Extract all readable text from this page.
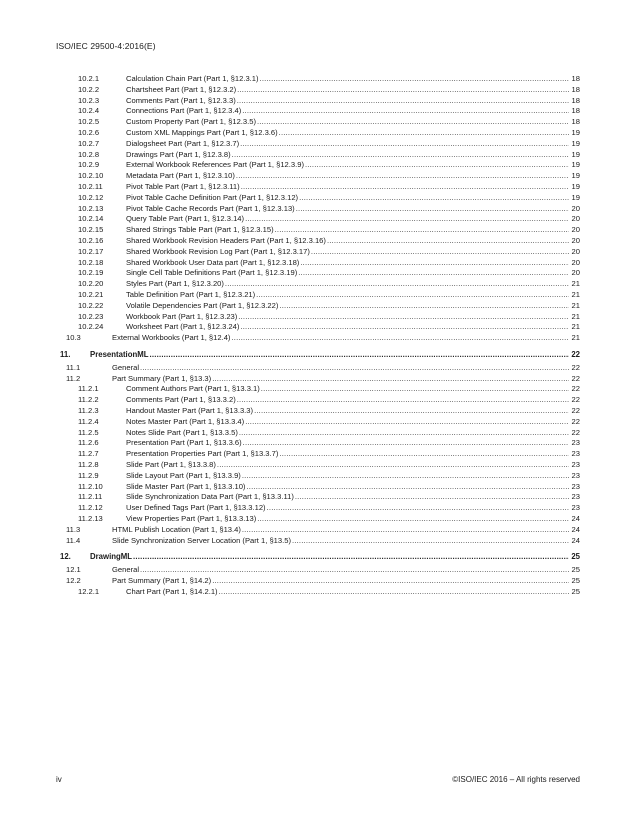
ISO/IEC 29500-4:2016(E)
10.2.1	Calculation Chain Part (Part 1, §12.3.1) .....	18
10.2.2	Chartsheet Part (Part 1, §12.3.2) .....	18
10.2.3	Comments Part (Part 1, §12.3.3) .....	18
10.2.4	Connections Part (Part 1, §12.3.4) .....	18
10.2.5	Custom Property Part (Part 1, §12.3.5) .....	18
10.2.6	Custom XML Mappings Part (Part 1, §12.3.6) .....	19
10.2.7	Dialogsheet Part (Part 1, §12.3.7) .....	19
10.2.8	Drawings Part (Part 1, §12.3.8) .....	19
10.2.9	External Workbook References Part (Part 1, §12.3.9) .....	19
10.2.10	Metadata Part (Part 1, §12.3.10) .....	19
10.2.11	Pivot Table Part (Part 1, §12.3.11) .....	19
10.2.12	Pivot Table Cache Definition Part (Part 1, §12.3.12) .....	19
10.2.13	Pivot Table Cache Records Part (Part 1, §12.3.13) .....	20
10.2.14	Query Table Part (Part 1, §12.3.14) .....	20
10.2.15	Shared Strings Table Part (Part 1, §12.3.15) .....	20
10.2.16	Shared Workbook Revision Headers Part (Part 1, §12.3.16) .....	20
10.2.17	Shared Workbook Revision Log Part (Part 1, §12.3.17) .....	20
10.2.18	Shared Workbook User Data part (Part 1, §12.3.18) .....	20
10.2.19	Single Cell Table Definitions Part (Part 1, §12.3.19) .....	20
10.2.20	Styles Part (Part 1, §12.3.20) .....	21
10.2.21	Table Definition Part (Part 1, §12.3.21) .....	21
10.2.22	Volatile Dependencies Part (Part 1, §12.3.22) .....	21
10.2.23	Workbook Part (Part 1, §12.3.23) .....	21
10.2.24	Worksheet Part (Part 1, §12.3.24) .....	21
10.3	External Workbooks (Part 1, §12.4) .....	21
11.	PresentationML .....	22
11.1	General .....	22
11.2	Part Summary (Part 1, §13.3) .....	22
11.2.1	Comment Authors Part (Part 1, §13.3.1) .....	22
11.2.2	Comments Part (Part 1, §13.3.2) .....	22
11.2.3	Handout Master Part (Part 1, §13.3.3) .....	22
11.2.4	Notes Master Part (Part 1, §13.3.4) .....	22
11.2.5	Notes Slide Part (Part 1, §13.3.5) .....	22
11.2.6	Presentation Part (Part 1, §13.3.6) .....	23
11.2.7	Presentation Properties Part (Part 1, §13.3.7) .....	23
11.2.8	Slide Part (Part 1, §13.3.8) .....	23
11.2.9	Slide Layout Part (Part 1, §13.3.9) .....	23
11.2.10	Slide Master Part (Part 1, §13.3.10) .....	23
11.2.11	Slide Synchronization Data Part (Part 1, §13.3.11) .....	23
11.2.12	User Defined Tags Part (Part 1, §13.3.12) .....	23
11.2.13	View Properties Part (Part 1, §13.3.13) .....	24
11.3	HTML Publish Location (Part 1, §13.4) .....	24
11.4	Slide Synchronization Server Location (Part 1, §13.5) .....	24
12. DrawingML .....	25
12.1	General .....	25
12.2	Part Summary (Part 1, §14.2) .....	25
12.2.1	Chart Part (Part 1, §14.2.1) .....	25
iv	©ISO/IEC 2016 – All rights reserved
